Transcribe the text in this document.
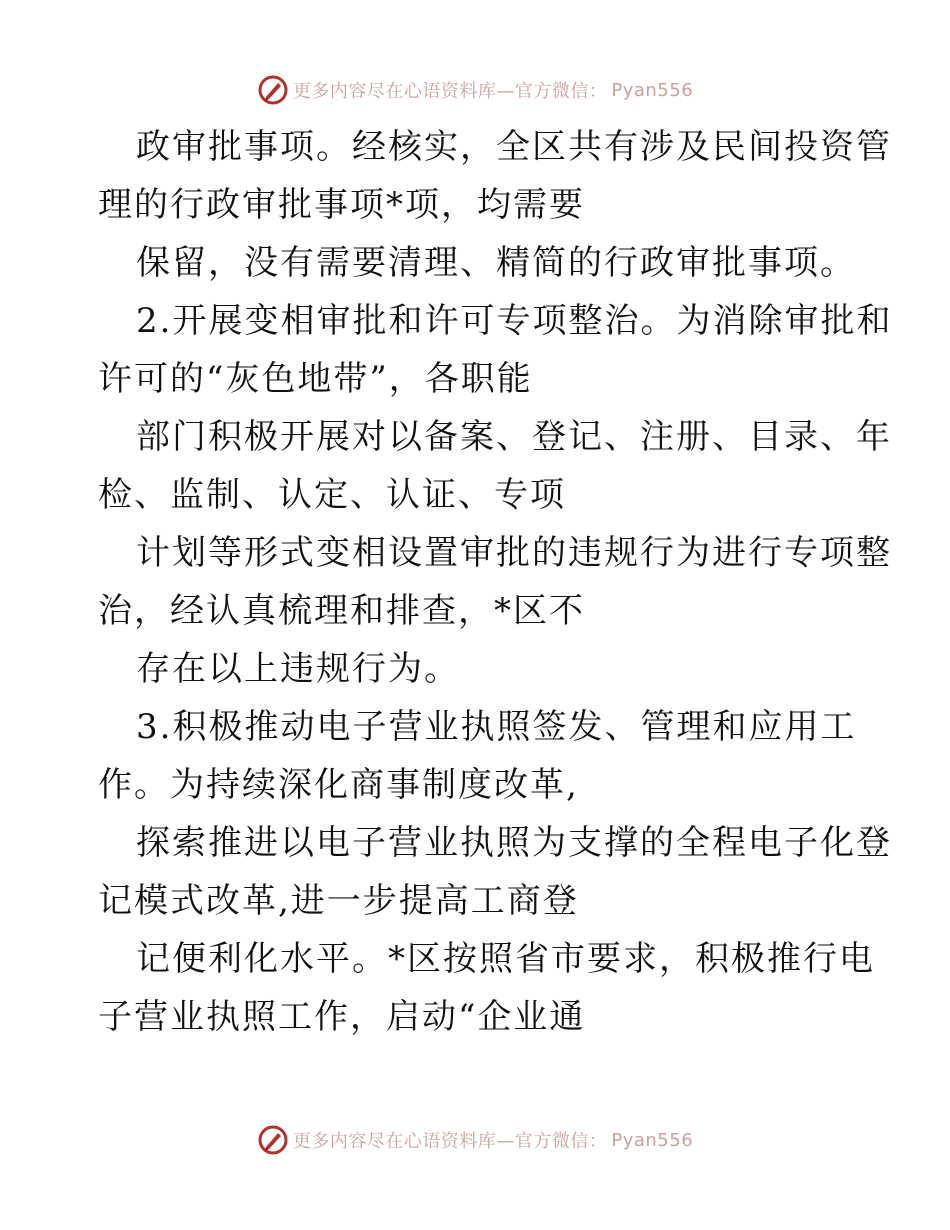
更多内容尽在心语资料库—官方微信： Pyan556
政审批事项。经核实，全区共有涉及民间投资管
理的行政审批事项*项，均需要
保留，没有需要清理、精简的行政审批事项。
2.开展变相审批和许可专项整治。为消除审批和
许可的“灰色地带”，各职能
部门积极开展对以备案、登记、注册、目录、年
检、监制、认定、认证、专项
计划等形式变相设置审批的违规行为进行专项整
治，经认真梳理和排查，*区不
存在以上违规行为。
3.积极推动电子营业执照签发、管理和应用工
作。为持续深化商事制度改革,
探索推进以电子营业执照为支撑的全程电子化登
记模式改革,进一步提高工商登
记便利化水平。*区按照省市要求，积极推行电
子营业执照工作，启动“企业通
更多内容尽在心语资料库—官方微信： Pyan556
